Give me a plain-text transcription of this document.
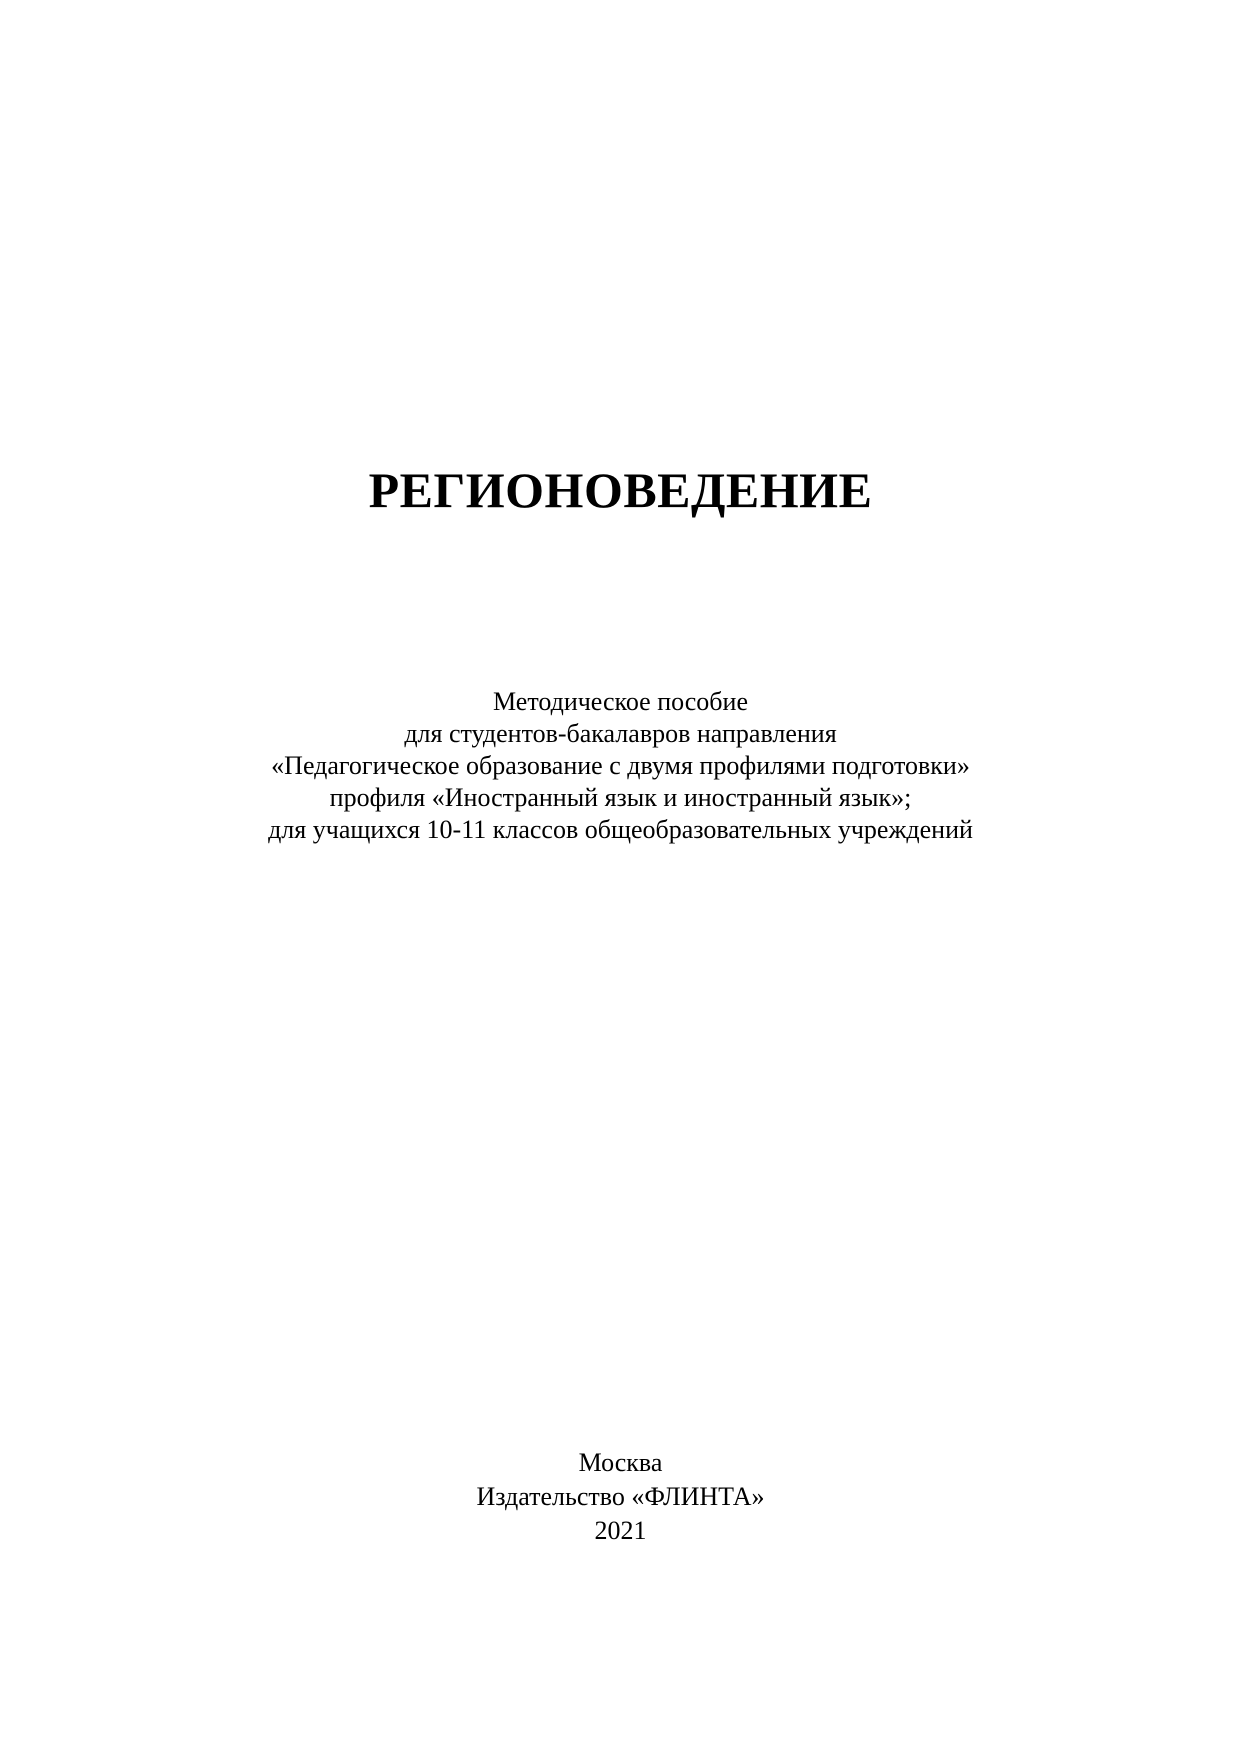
РЕГИОНОВЕДЕНИЕ
Методическое пособие
для студентов-бакалавров направления
«Педагогическое образование с двумя профилями подготовки»
профиля «Иностранный язык и иностранный язык»;
для учащихся 10-11 классов общеобразовательных учреждений
Москва
Издательство «ФЛИНТА»
2021
